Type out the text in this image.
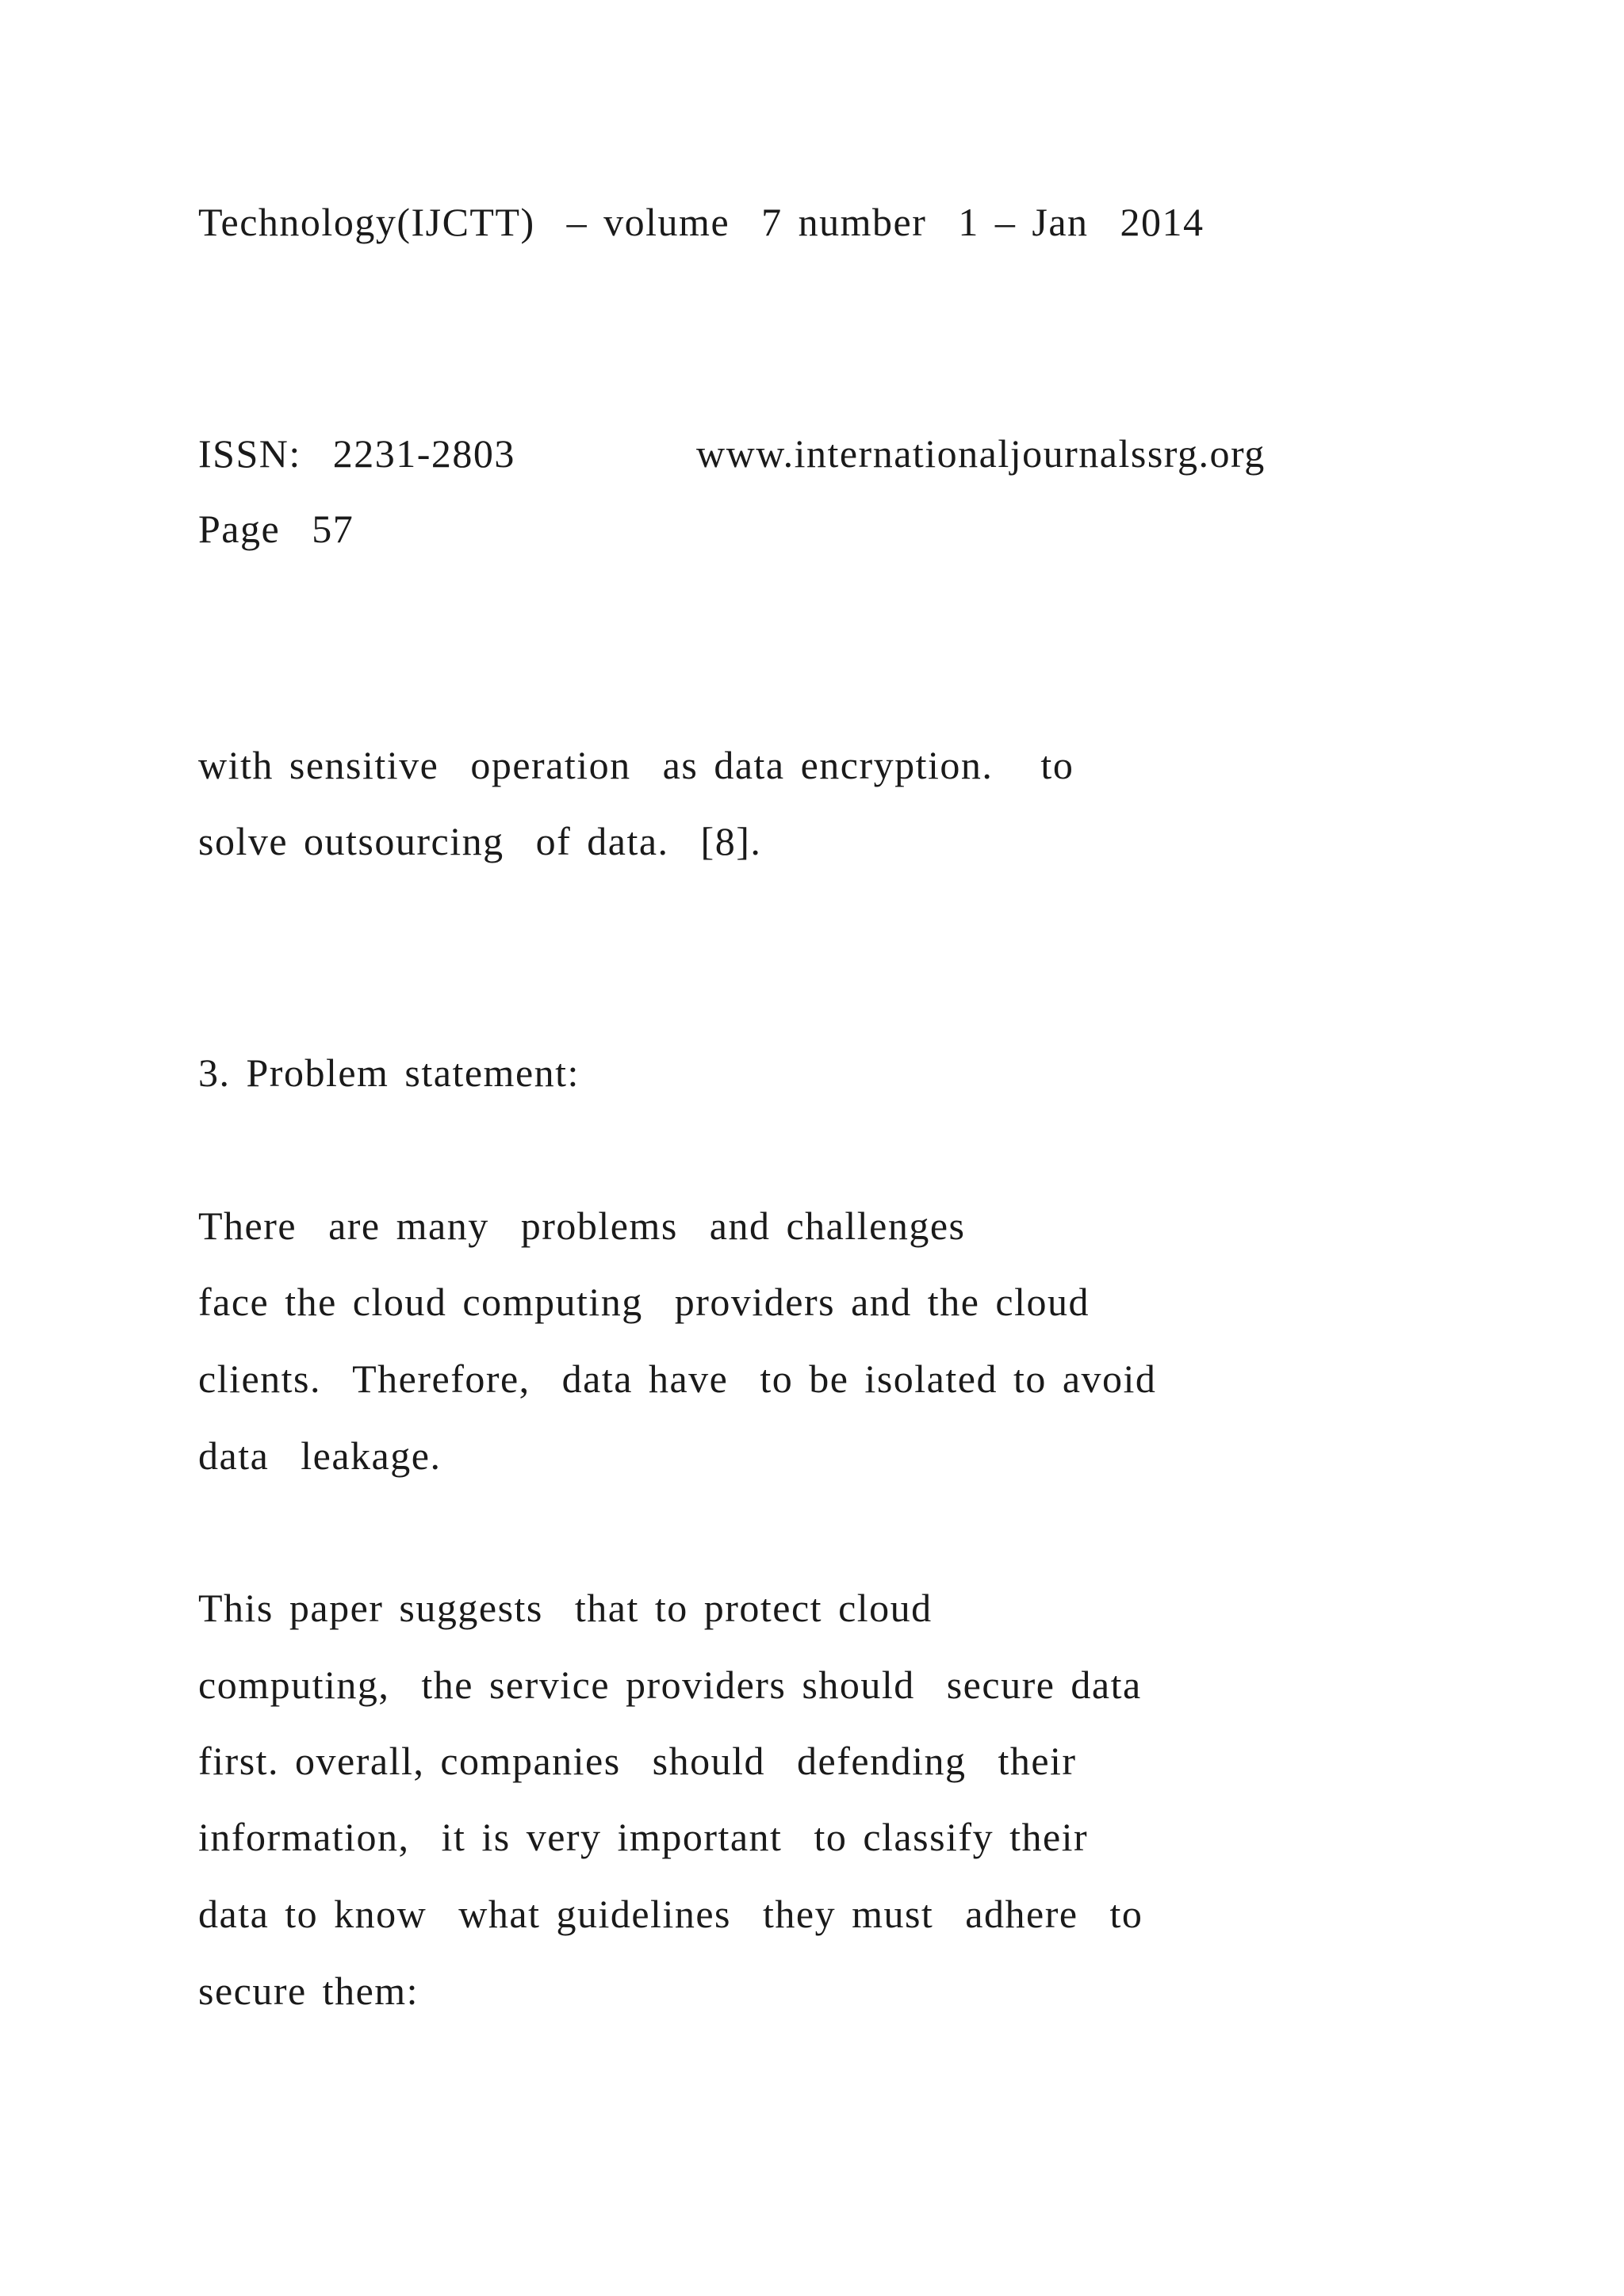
Technology(IJCTT)  – volume  7 number  1 – Jan  2014

ISSN:  2231-2803	www.internationaljournalssrg.org

Page  57

with sensitive  operation  as data encryption.   to

solve outsourcing  of data.  [8].

3. Problem statement:

There  are many  problems  and challenges

face the cloud computing  providers and the cloud

clients.  Therefore,  data have  to be isolated to avoid

data  leakage.

This paper suggests  that to protect cloud

computing,  the service providers should  secure data

first. overall, companies  should  defending  their

information,  it is very important  to classify their

data to know  what guidelines  they must  adhere  to

secure them:
